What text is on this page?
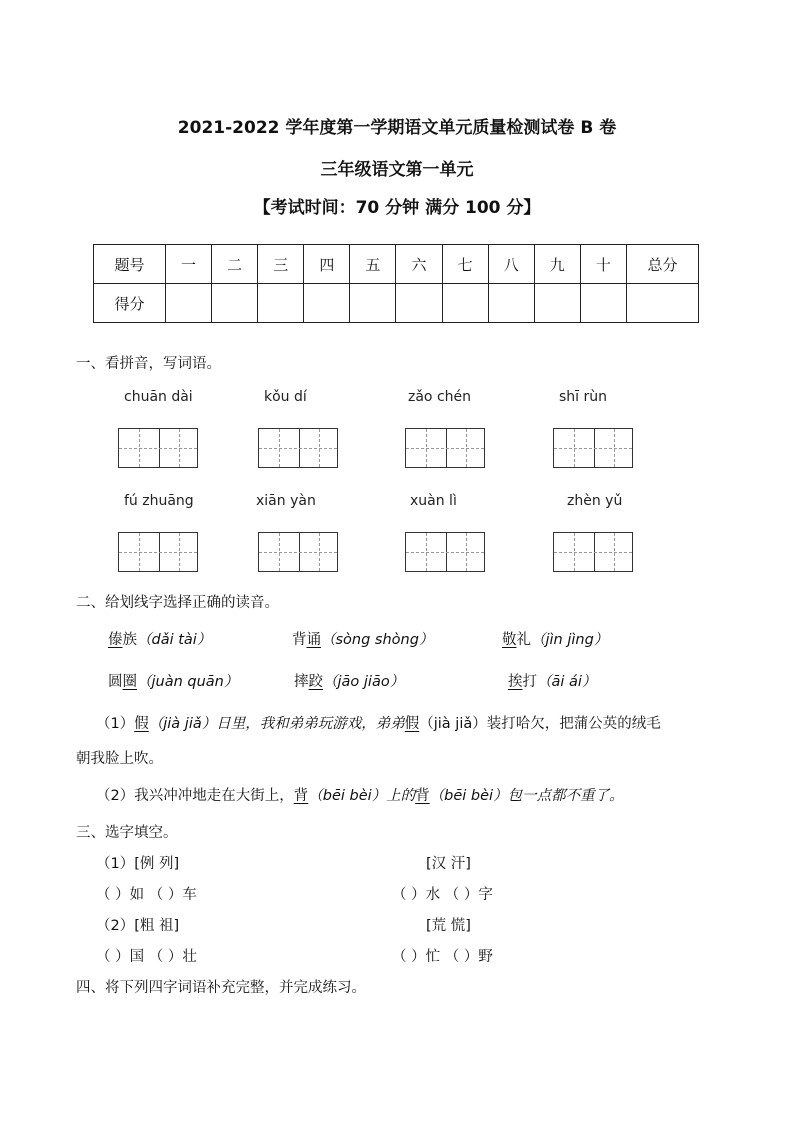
2021-2022 学年度第一学期语文单元质量检测试卷 B 卷
三年级语文第一单元
【考试时间：70 分钟 满分 100 分】
题号	一	二	三	四	五	六	七	八	九	十	总分
得分											
一、看拼音，写词语。
chuān dài	kǒu dí	zǎo chén	shī rùn
fú zhuāng	xiān yàn	xuàn lì	zhèn yǔ
二、给划线字选择正确的读音。
傣族（dǎi tài）	背诵（sòng shòng）	敬礼（jìn jìng）
圆圈（juàn quān）	摔跤（jāo jiāo）	挨打（āi ái）
（1）假（jià jiǎ）日里，我和弟弟玩游戏，弟弟假（jià jiǎ）装打哈欠，把蒲公英的绒毛
朝我脸上吹。
（2）我兴冲冲地走在大街上，背（bēi bèi）上的背（bēi bèi）包一点都不重了。
三、选字填空。
（1）[例 列]	[汉 汗]
（ ）如 （ ）车	（ ）水 （ ）字
（2）[粗 祖]	[荒 慌]
（ ）国 （ ）壮	（ ）忙 （ ）野
四、将下列四字词语补充完整，并完成练习。
